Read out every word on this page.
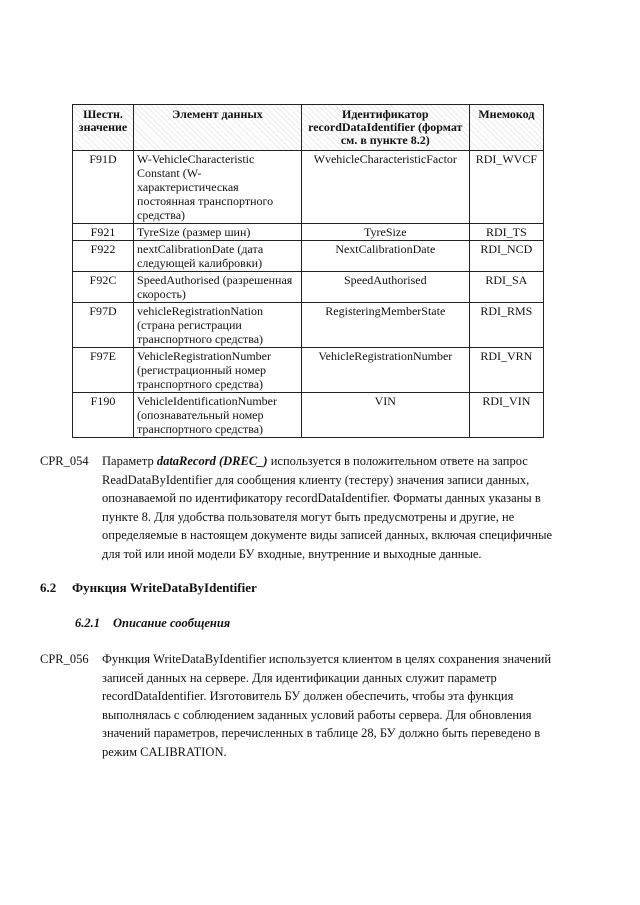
Шестн. значение	Элемент данных	Идентификатор recordDataIdentifier (формат см. в пункте 8.2)	Мнемокод
F91D	W-VehicleCharacteristic Constant (W- характеристическая постоянная транспортного средства)	WvehicleCharacteristicFactor	RDI_WVCF
F921	TyreSize (размер шин)	TyreSize	RDI_TS
F922	nextCalibrationDate (дата следующей калибровки)	NextCalibrationDate	RDI_NCD
F92C	SpeedAuthorised (разрешенная скорость)	SpeedAuthorised	RDI_SA
F97D	vehicleRegistrationNation (страна регистрации транспортного средства)	RegisteringMemberState	RDI_RMS
F97E	VehicleRegistrationNumber (регистрационный номер транспортного средства)	VehicleRegistrationNumber	RDI_VRN
F190	VehicleIdentificationNumber (опознавательный номер транспортного средства)	VIN	RDI_VIN
CPR_054 Параметр dataRecord (DREC_) используется в положительном ответе на запрос ReadDataByIdentifier для сообщения клиенту (тестеру) значения записи данных, опознаваемой по идентификатору recordDataIdentifier. Форматы данных указаны в пункте 8. Для удобства пользователя могут быть предусмотрены и другие, не определяемые в настоящем документе виды записей данных, включая специфичные для той или иной модели БУ входные, внутренние и выходные данные.
6.2 Функция WriteDataByIdentifier
6.2.1 Описание сообщения
CPR_056 Функция WriteDataByIdentifier используется клиентом в целях сохранения значений записей данных на сервере. Для идентификации данных служит параметр recordDataIdentifier. Изготовитель БУ должен обеспечить, чтобы эта функция выполнялась с соблюдением заданных условий работы сервера. Для обновления значений параметров, перечисленных в таблице 28, БУ должно быть переведено в режим CALIBRATION.
